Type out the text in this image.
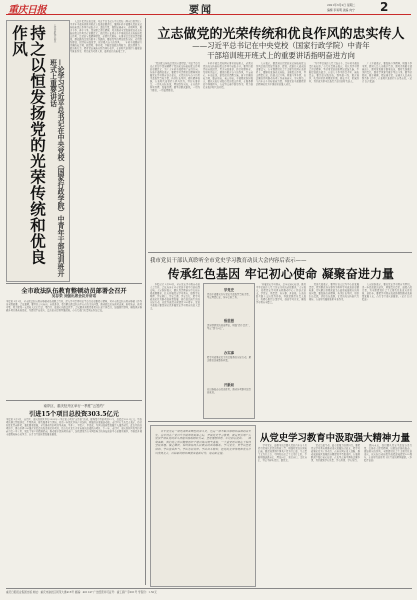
重庆日报	要闻	2021年3月2日 星期二
编辑 李易明 美编 向宁 2
人民日报评论员
持之以恒发扬党的光荣传统和优良作风
—论学习习近平总书记在中央党校（国家行政学院）中青年干部培训班开班式上重要讲话
　　人民日报评论员文章。习近平总书记在中央党校（国家行政学院）中青年干部培训班开班式上发表重要讲话，强调年轻干部要从党的光荣传统和优良作风中获取养分、汲取力量，做到忠诚老实、光明坦荡，敢于斗争、善于斗争。深刻领会讲话精神，对于推动全党发扬党的光荣传统和优良作风具有重要意义。我们党在长期奋斗中形成的光荣传统和优良作风，是党的宝贵精神财富，必须代代相传。实事求是是党的思想路线，群众路线是党的根本工作路线，要始终坚持理论联系实际、密切联系群众、批评和自我批评，保持艰苦奋斗的作风。　　年轻干部要树立正确的权力观、政绩观、事业观，不断提高政治判断力、政治领悟力、政治执行力，把对党忠诚落实到具体行动中，在新时代新征程上展现新气象新作为，努力成为可堪大用、能担重任的栋梁之才。
全市政法队伍教育整顿动员部署会召开
吴存荣 刘强出席会议并讲话
本报讯 3月1日，全市政法队伍教育整顿动员部署会召开，深入学习贯彻习近平总书记重要指示精神，对全市政法队伍教育整顿工作作出全面部署。会议强调，要坚持刀刃向内、自我革命，着力解决政法队伍中存在的突出问题，推动政法队伍绝对忠诚、绝对纯洁、绝对可靠，努力建设一支党和人民信得过、靠得住、能放心的政法铁军。会议要求各级党委切实扛起主体责任，加强组织领导，确保教育整顿各项任务落地见效，为建设平安重庆、法治重庆提供坚强保障。市有关部门负责同志参加会议。
南岸区、重庆经开区举行一季度“云签约”
引进15个项目总投资303.5亿元
本报讯 3月1日，南岸区、重庆经开区举行2021年一季度重大项目“云签约”活动，现场集中签约项目15个，总投资303.5亿元。签约项目涵盖智能制造、生物医药、现代服务业等领域，将进一步优化区域产业结构，增强经济发展新动能。南岸区有关负责人表示，将持续优化营商环境，强化要素保障，全力推动签约项目早落地、早开工、早投产、早见效，为区域高质量发展注入强劲动力。此次签约的项目中，既有世界500强企业投资的先进制造业项目，也有行业龙头企业布局的总部经济项目。下一步，南岸区、重庆经开区将坚持招商引资一号工程，聚焦主导产业精准招商，推动更多优质项目落户，加快建设具有全国影响力的科技创新中心重要承载区，不断提升城市能级和核心竞争力，奋力书写高质量发展新篇章。
立志做党的光荣传统和优良作风的忠实传人
——习近平总书记在中央党校（国家行政学院）中青年
干部培训班开班式上的重要讲话指明奋进方向
　　“党的优良传统是党的宝贵财富。”习近平总书记在讲话中深刻阐释了党的光荣传统和优良作风的重要意义，为广大年轻干部指明了前进方向。各地干部群众表示，要把学习贯彻讲话精神同开展党史学习教育结合起来，从党的百年奋斗历程中汲取智慧和力量，传承红色基因，赓续精神血脉，在新时代新征程上担当作为。坚持实事求是，一切从实际出发，理论联系实际，在实践中检验真理、发展真理。要坚持群众路线，一切为了群众，一切依靠群众。
　　年轻干部是党和国家事业的接班人，必须从党的光荣传统和优良作风中获取养分。要坚持批评和自我批评，勇于自我革命，经常对照检查，及时纠正偏差。要保持艰苦奋斗的作风，不忘初心、牢记使命，始终保持清醒头脑，树立正确的权力观，廉洁用权，秉公用权。干部群众纷纷表示，要以实际行动践行党的优良作风，在服务群众中体现担当，在攻坚克难中彰显作为，努力创造无愧于时代的业绩。
　　大家表示，要深刻认识党的光荣传统和优良作风是我们党取得革命、建设、改革伟大成就的重要法宝。在全面建设社会主义现代化国家新征程上，要继续发扬光荣传统，永葆优良作风，坚定理想信念，站稳人民立场，增强斗争本领，以过硬的作风推动各项工作落地落实，为实现第二个百年奋斗目标贡献力量。基层党员干部要把讲话精神转化为干事创业的强大动力。
　　“为中华民族伟大复兴而奋斗，是年轻干部的责任和使命。”有关负责同志表示，将认真学习领会讲话精神，坚持用党的创新理论武装头脑，不断提高政治能力，在重大斗争中经受考验、磨炼意志。要注重实践历练，到基层一线、艰苦地区、吃劲岗位经风雨见世面，增长才干，积累经验，真正成为堪当民族复兴重任的时代新人。
　　广大干部表示，要发扬斗争精神，增强斗争本领，面对大是大非敢于亮剑，面对矛盾敢于迎难而上，面对危机敢于挺身而出，面对失误敢于承担责任，面对歪风邪气敢于坚决斗争。要坚持原则、敢于碰硬，把忠诚于党、忠诚于人民落实到具体工作中，在新时代新征程上奋勇前进。（记者 综合报道）
我市党员干部认真聆听全市党史学习教育动员大会内容后表示——
传承红色基因 牢记初心使命 凝聚奋进力量
　　本报记者 2月28日，全市党史学习教育动员大会召开。会议内容在全市党员干部中引起热烈反响。大家纷纷表示，要认真贯彻落实中央和市委部署要求，扎实开展党史学习教育，做到学史明理、学史增信、学史崇德、学史力行，把学习成效转化为推动高质量发展、创造高品质生活的实际行动，以优异成绩庆祝建党100周年。党员干部表示要深刻认识开展党史学习教育的重大意义。
学党史
党员干部要从百年党史中汲取智慧和力量，坚定理想信念，筑牢信仰之基。
悟思想
深刻领悟党的创新理论，增强“四个意识”，坚定“四个自信”。
办实事
把学习成果转化为为民服务的实际行动，解决群众急难愁盼问题。
开新局
以昂扬姿态奋进新征程，推动各项事业取得新成效。
　　“开展党史学习教育，是牢记初心使命、推进中华民族伟大复兴历史伟业的必然要求。”大家表示，将把党史学习教育同推动中心工作结合起来，学党史、悟思想、办实事、开新局，在新的赶考路上交出优异答卷。基层党组织负责人表示，将精心组织专题学习，创新学习方式，确保学习教育全覆盖。
　　党员代表表示，要坚持以人民为中心的发展思想，把为群众办实事作为检验学习成效的重要标准，切实解决好群众最关心最直接最现实的利益问题。要发扬红岩精神，传承红色基因，用好红色资源，讲好红色故事，让党的光荣传统代代相传，在新时代展现新担当新作为。
　　大家纷纷表示，要以党史学习教育为契机，进一步提高政治站位，增强责任意识，凝聚奋进力量，为全面建设社会主义现代化新重庆开好局、起好步。要把学习教育成效体现到推动高质量发展上来，奋力书写重庆新篇章。（记者 综合报道）
　　百年党史是一部充满苦难辉煌的奋斗史，也是一部不断淬炼精神品格的成长史。在中国共产党百年华诞即将到来之际，开展党史学习教育，就是要引导广大党员干部从党的奋斗历程中汲取精神力量，坚定理想信念，牢记初心使命。　　回望来路，我们党之所以能够历经千锤百炼而朝气蓬勃，一个重要原因就在于始终坚持真理、修正错误，始终保持同人民群众的血肉联系。学习党史，要学出坚定信仰、学出使命担当、学出为民情怀、学出奋斗精神，把党的光荣传统和优良作风发扬光大，以崭新的精神面貌奋进新时代、建功新征程。
从党史学习教育中汲取强大精神力量
　　学习党史，最根本的是要从党的百年奋斗历程中深刻认识党的性质宗旨，增强对党的认同和信赖。要深刻领悟中国共产党为什么能、马克思主义为什么行、中国特色社会主义为什么好，不断增强道路自信、理论自信、制度自信、文化自信，坚定不移听党话、跟党走。
　　党史是最生动、最有说服力的教科书。要把党史学习教育同推动重庆发展结合起来，把学习成果转化为工作动力，在落实国家重大战略、推动成渝地区双城经济圈建设中勇挑重担，在服务群众中践行初心使命，在攻坚克难中锤炼过硬本领，真正做到学有所思、学有所悟、学有所得。
　　面向未来，我们要从党史中汲取奋进力量，弘扬伟大建党精神，以更加昂扬的姿态、更加务实的作风，全面建设社会主义现代化新重庆，以实际行动和优异成绩迎接建党100周年，在新时代新征程上续写新的辉煌篇章。（本报评论员）
重庆日报报业集团出版 地址：重庆市渝北区同茂大道416号 邮编：401147 广告经营许可证号：渝工商广字001号 零售价：1.50元
